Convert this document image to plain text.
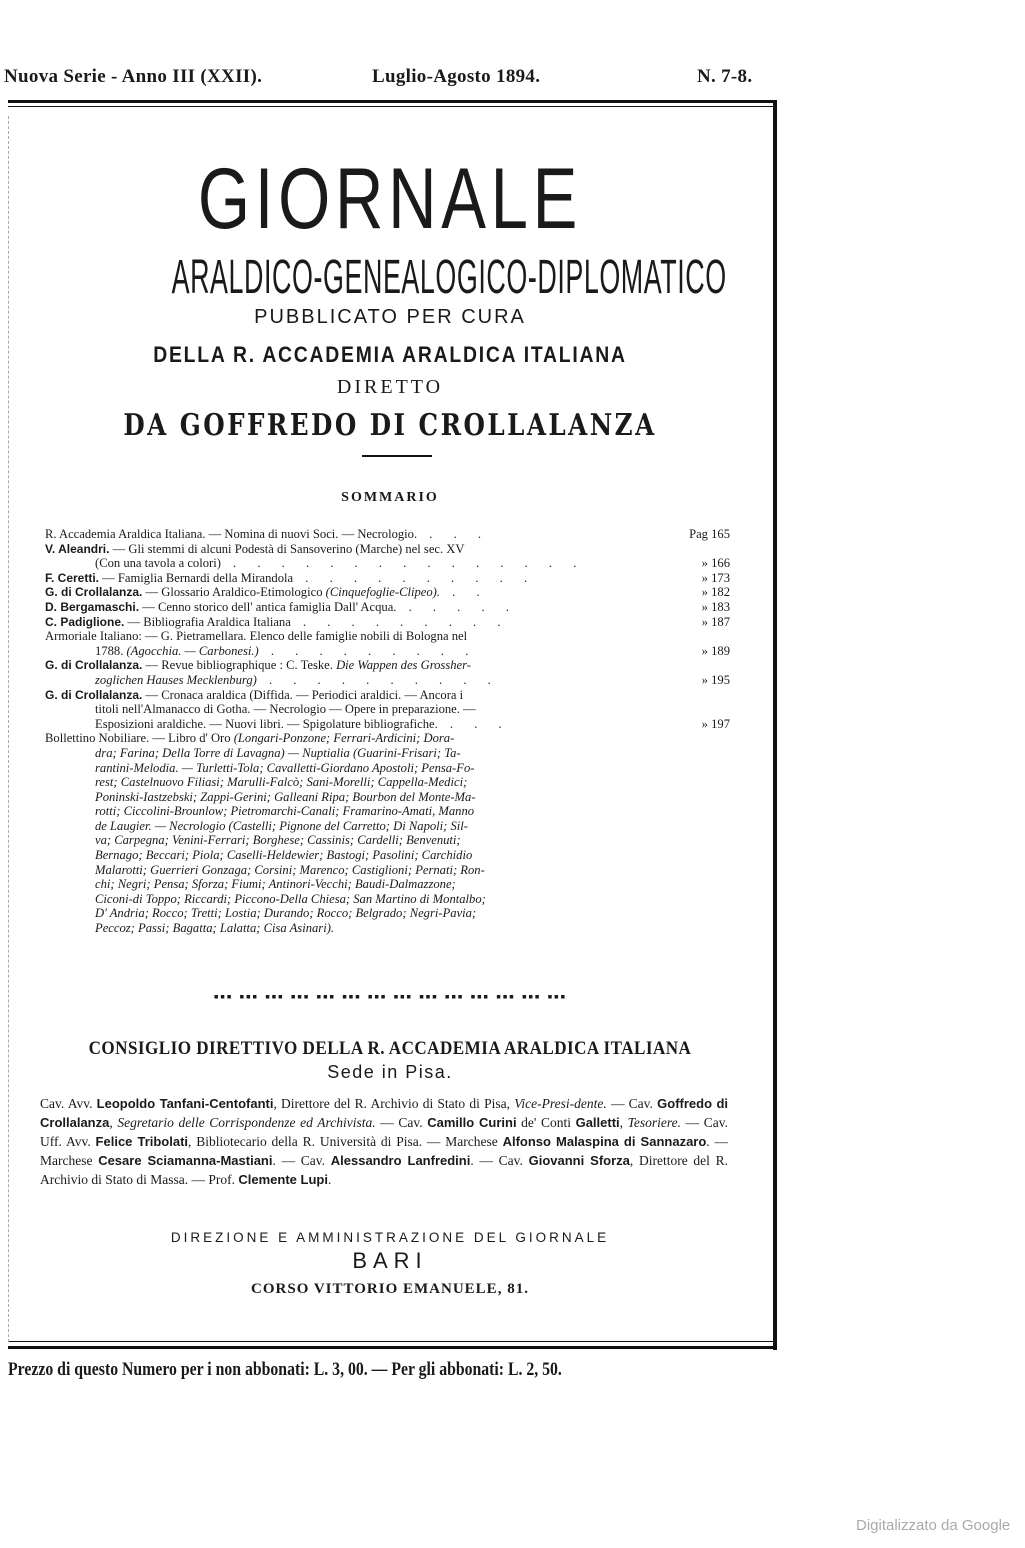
Nuova Serie - Anno III (XXII).	Luglio-Agosto 1894.	N. 7-8.
GIORNALE
ARALDICO-GENEALOGICO-DIPLOMATICO
PUBBLICATO PER CURA
DELLA R. ACCADEMIA ARALDICA ITALIANA
DIRETTO
DA GOFFREDO DI CROLLALANZA
SOMMARIO
R. Accademia Araldica Italiana. — Nomina di nuovi Soci. — Necrologio. . . .	Pag 165
V. Aleandri. — Gli stemmi di alcuni Podestà di Sansoverino (Marche) nel sec. XV
(Con una tavola a colori) . . . . . . . . . . . . . . .	» 166
F. Ceretti. — Famiglia Bernardi della Mirandola . . . . . . . . . .	» 173
G. di Crollalanza. — Glossario Araldico-Etimologico (Cinquefoglie-Clipeo). . .	» 182
D. Bergamaschi. — Cenno storico dell' antica famiglia Dall' Acqua. . . . . .	» 183
C. Padiglione. — Bibliografia Araldica Italiana . . . . . . . . .	» 187
Armoriale Italiano: — G. Pietramellara. Elenco delle famiglie nobili di Bologna nel
1788. (Agocchia. — Carbonesi.) . . . . . . . . .	» 189
G. di Crollalanza. — Revue bibliographique : C. Teske. Die Wappen des Grossher-
zoglichen Hauses Mecklenburg) . . . . . . . . . .	» 195
G. di Crollalanza. — Cronaca araldica (Diffida. — Periodici araldici. — Ancora i
titoli nell'Almanacco di Gotha. — Necrologio — Opere in preparazione. —
Esposizioni araldiche. — Nuovi libri. — Spigolature bibliografiche. . . .	» 197
Bollettino Nobiliare. — Libro d' Oro (Longari-Ponzone; Ferrari-Ardicini; Dora-
dra; Farina; Della Torre di Lavagna) — Nuptialia (Guarini-Frisari; Ta-
rantini-Melodia. — Turletti-Tola; Cavalletti-Giordano Apostoli; Pensa-Fo-
rest; Castelnuovo Filiasi; Marulli-Falcò; Sani-Morelli; Cappella-Medici;
Poninski-Iastzebski; Zappi-Gerini; Galleani Ripa; Bourbon del Monte-Ma-
rotti; Ciccolini-Brounlow; Pietromarchi-Canali; Framarino-Amati, Manno
de Laugier. — Necrologio (Castelli; Pignone del Carretto; Di Napoli; Sil-
va; Carpegna; Venini-Ferrari; Borghese; Cassinis; Cardelli; Benvenuti;
Bernago; Beccari; Piola; Caselli-Heldewier; Bastogi; Pasolini; Carchidio
Malarotti; Guerrieri Gonzaga; Corsini; Marenco; Castiglioni; Pernati; Ron-
chi; Negri; Pensa; Sforza; Fiumi; Antinori-Vecchi; Baudi-Dalmazzone;
Ciconi-di Toppo; Riccardi; Piccono-Della Chiesa; San Martino di Montalbo;
D' Andria; Rocco; Tretti; Lostia; Durando; Rocco; Belgrado; Negri-Pavia;
Peccoz; Passi; Bagatta; Lalatta; Cisa Asinari).
▪▪▪ ▪▪▪ ▪▪▪ ▪▪▪ ▪▪▪ ▪▪▪ ▪▪▪ ▪▪▪ ▪▪▪ ▪▪▪ ▪▪▪ ▪▪▪ ▪▪▪ ▪▪▪
CONSIGLIO DIRETTIVO DELLA R. ACCADEMIA ARALDICA ITALIANA
Sede in Pisa.
Cav. Avv. Leopoldo Tanfani-Centofanti, Direttore del R. Archivio di Stato di Pisa, Vice-Presi-dente. — Cav. Goffredo di Crollalanza, Segretario delle Corrispondenze ed Archivista. — Cav. Camillo Curini de' Conti Galletti, Tesoriere. — Cav. Uff. Avv. Felice Tribolati, Bibliotecario della R. Università di Pisa. — Marchese Alfonso Malaspina di Sannazaro. — Marchese Cesare Sciamanna-Mastiani. — Cav. Alessandro Lanfredini. — Cav. Giovanni Sforza, Direttore del R. Archivio di Stato di Massa. — Prof. Clemente Lupi.
DIREZIONE E AMMINISTRAZIONE DEL GIORNALE
BARI
CORSO VITTORIO EMANUELE, 81.
Prezzo di questo Numero per i non abbonati: L. 3, 00. — Per gli abbonati: L. 2, 50.
Digitalizzato da Google
